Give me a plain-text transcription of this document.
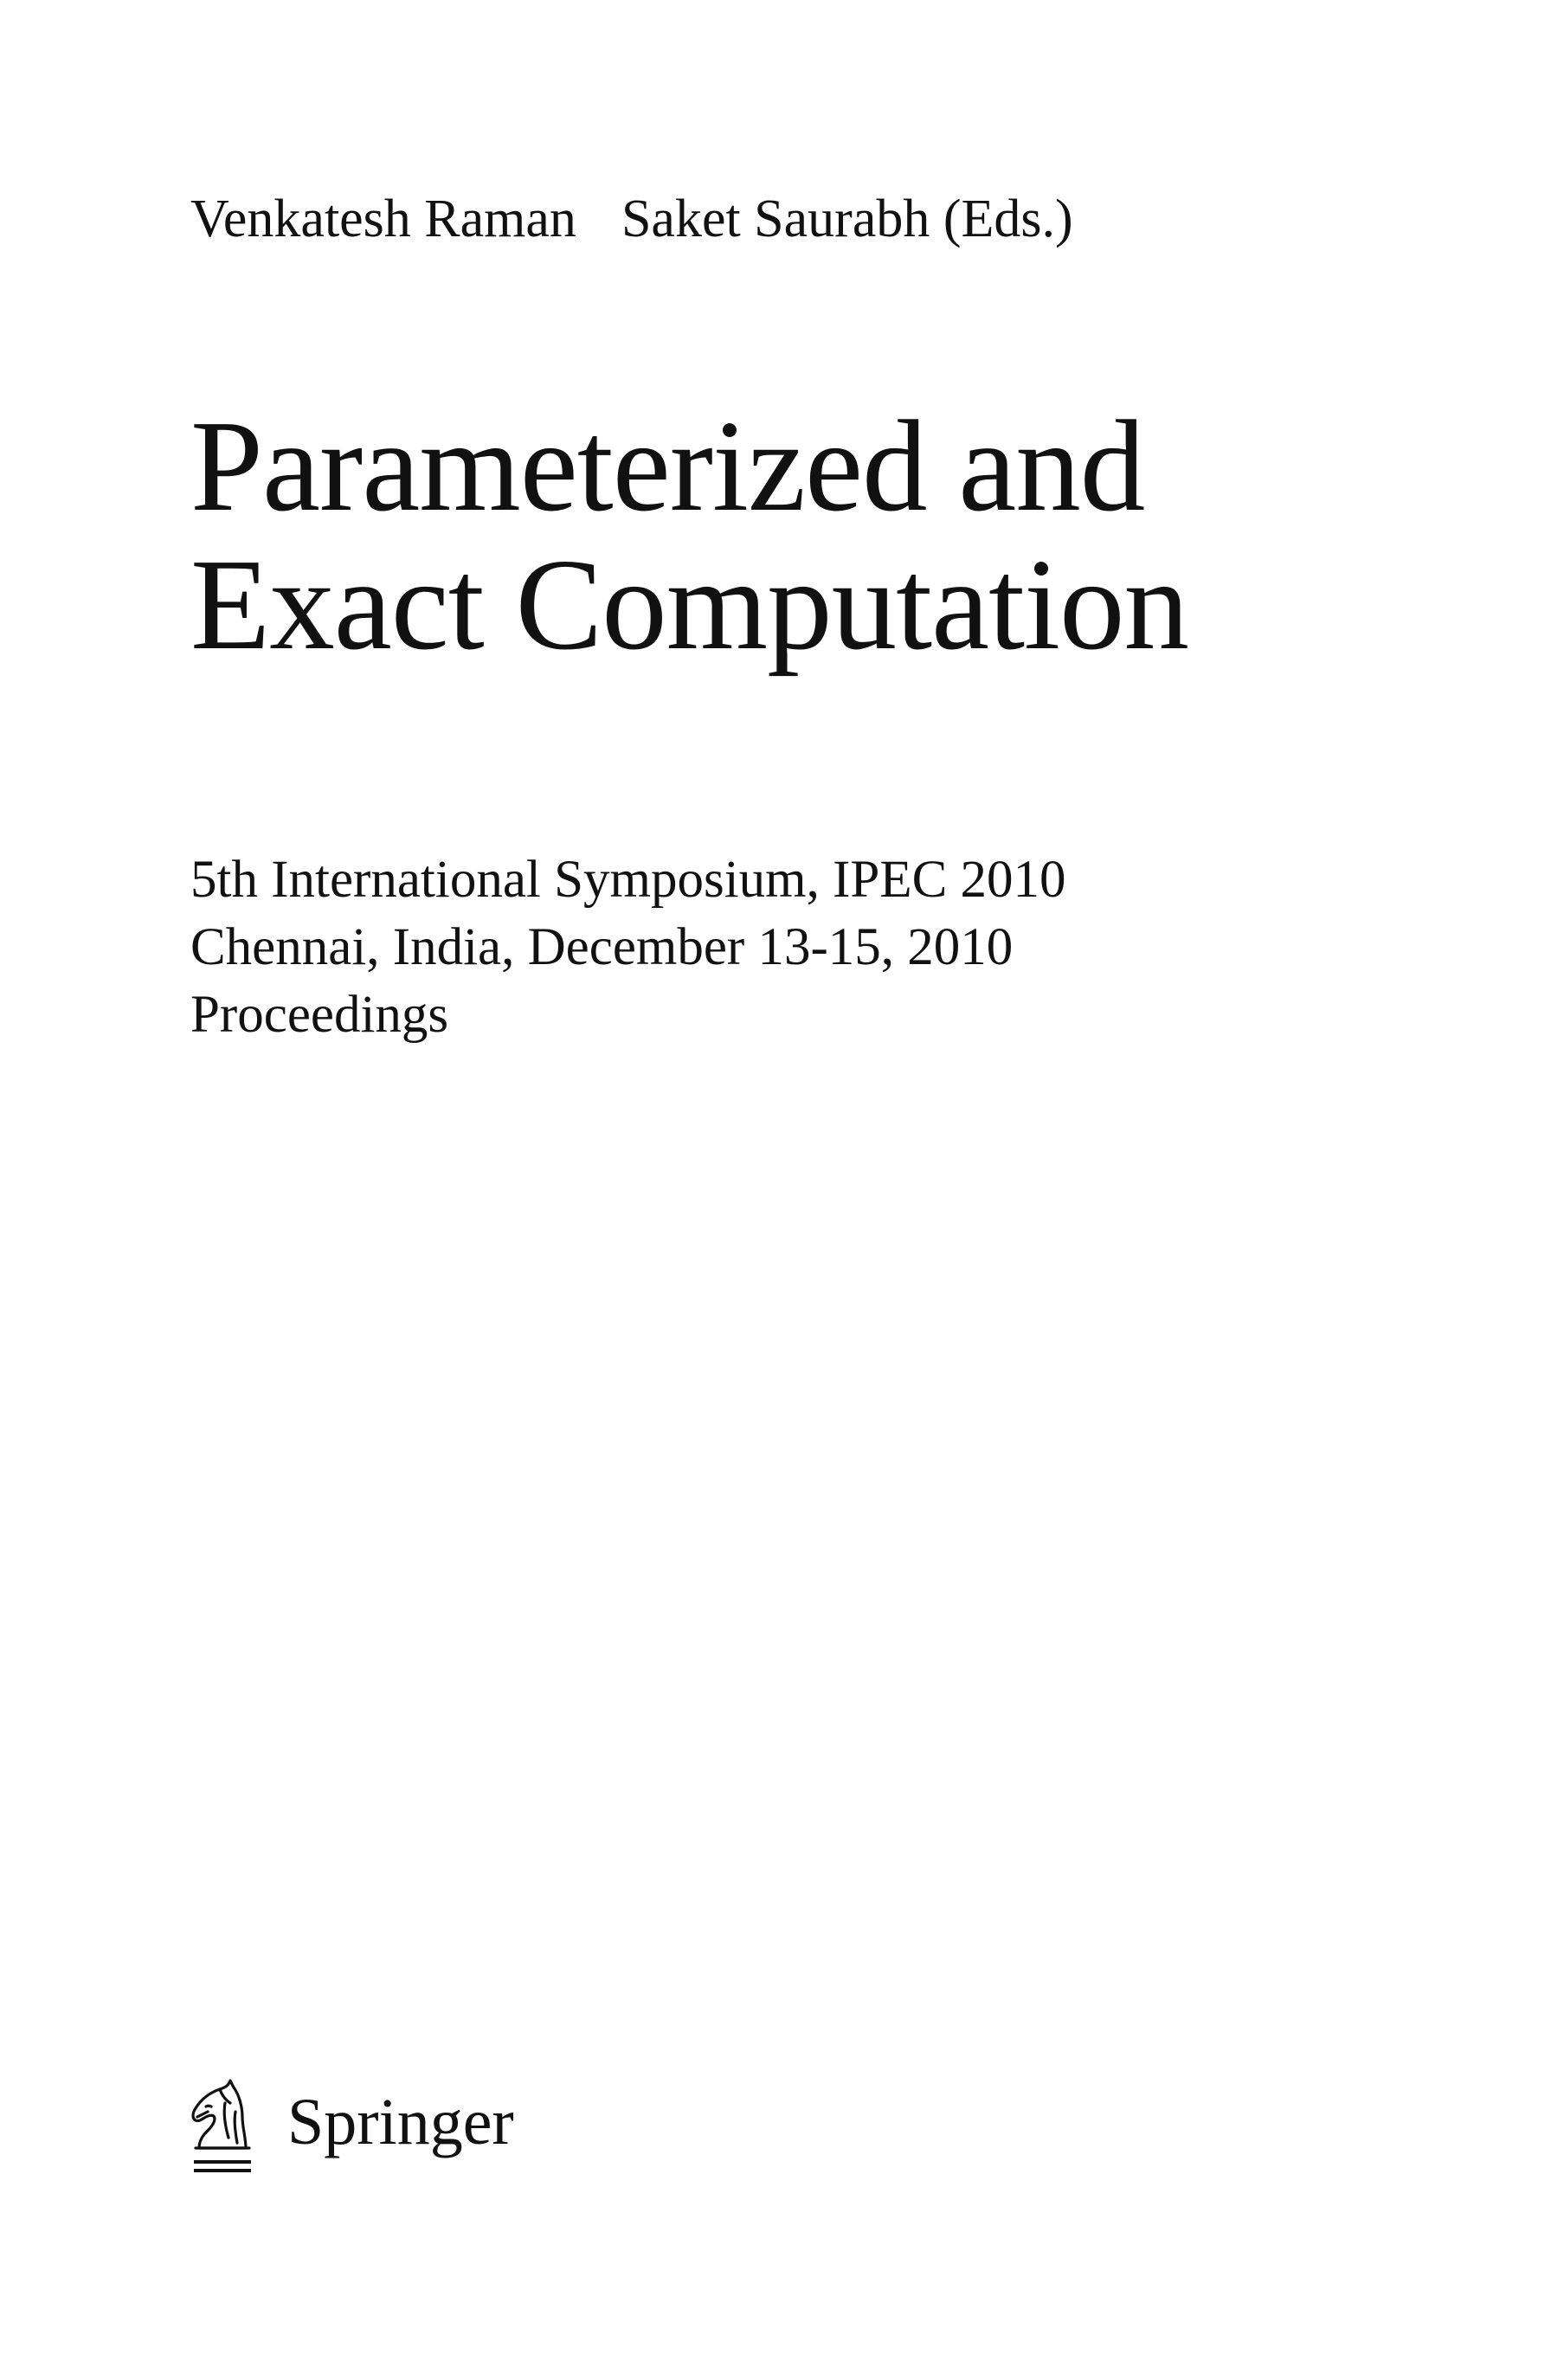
Venkatesh Raman Saket Saurabh (Eds.)
Parameterized and
Exact Computation
5th International Symposium, IPEC 2010
Chennai, India, December 13-15, 2010
Proceedings
Springer
